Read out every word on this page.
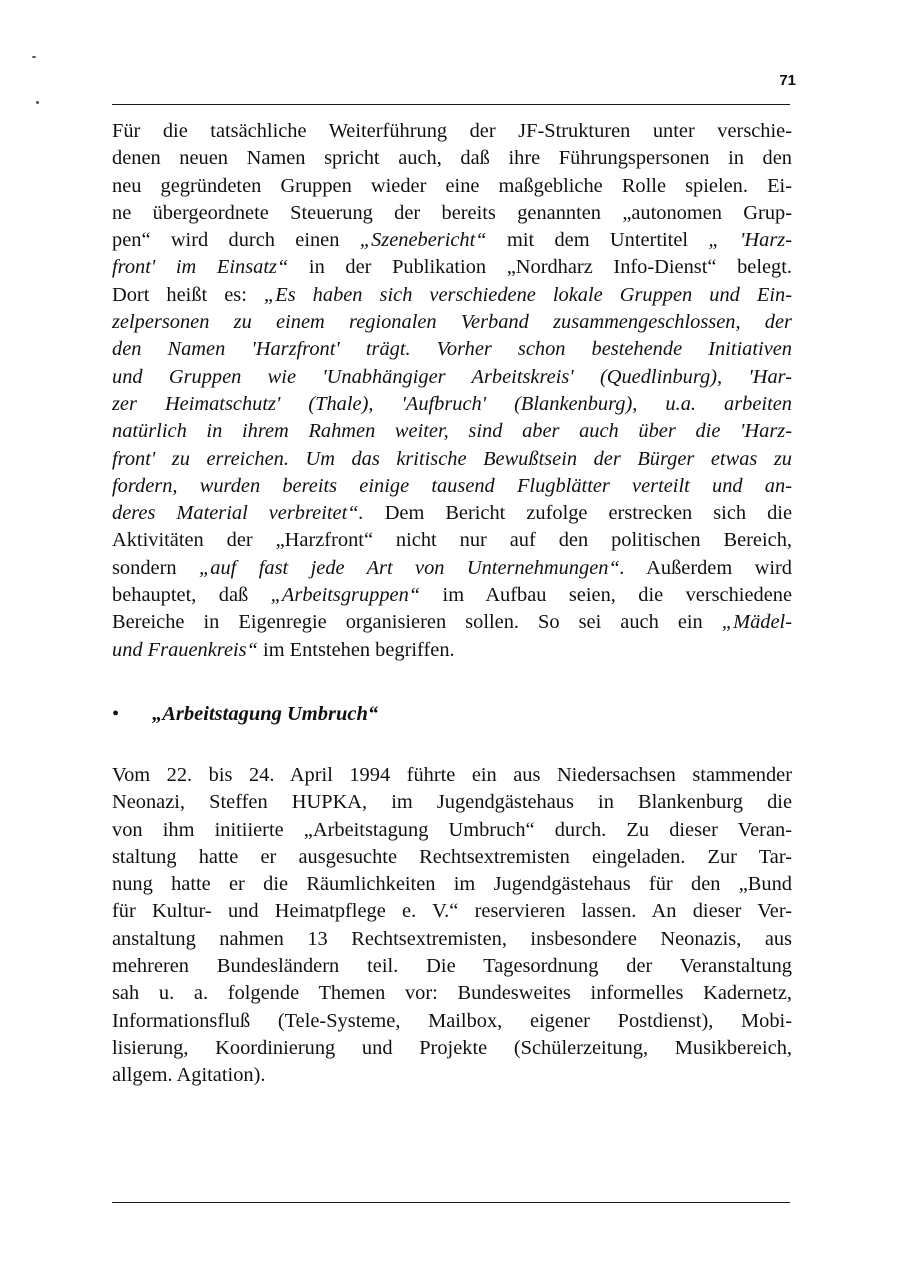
71
Für die tatsächliche Weiterführung der JF-Strukturen unter verschie-
denen neuen Namen spricht auch, daß ihre Führungspersonen in den
neu gegründeten Gruppen wieder eine maßgebliche Rolle spielen. Ei-
ne übergeordnete Steuerung der bereits genannten „autonomen Grup-
pen“ wird durch einen „Szenebericht“ mit dem Untertitel „ 'Harz-
front' im Einsatz“ in der Publikation „Nordharz Info-Dienst“ belegt.
Dort heißt es: „Es haben sich verschiedene lokale Gruppen und Ein-
zelpersonen zu einem regionalen Verband zusammengeschlossen, der
den Namen 'Harzfront' trägt. Vorher schon bestehende Initiativen
und Gruppen wie 'Unabhängiger Arbeitskreis' (Quedlinburg), 'Har-
zer Heimatschutz' (Thale), 'Aufbruch' (Blankenburg), u.a. arbeiten
natürlich in ihrem Rahmen weiter, sind aber auch über die 'Harz-
front' zu erreichen. Um das kritische Bewußtsein der Bürger etwas zu
fordern, wurden bereits einige tausend Flugblätter verteilt und an-
deres Material verbreitet“. Dem Bericht zufolge erstrecken sich die
Aktivitäten der „Harzfront“ nicht nur auf den politischen Bereich,
sondern „auf fast jede Art von Unternehmungen“. Außerdem wird
behauptet, daß „Arbeitsgruppen“ im Aufbau seien, die verschiedene
Bereiche in Eigenregie organisieren sollen. So sei auch ein „Mädel-
und Frauenkreis“ im Entstehen begriffen.
• „Arbeitstagung Umbruch“
Vom 22. bis 24. April 1994 führte ein aus Niedersachsen stammender
Neonazi, Steffen HUPKA, im Jugendgästehaus in Blankenburg die
von ihm initiierte „Arbeitstagung Umbruch“ durch. Zu dieser Veran-
staltung hatte er ausgesuchte Rechtsextremisten eingeladen. Zur Tar-
nung hatte er die Räumlichkeiten im Jugendgästehaus für den „Bund
für Kultur- und Heimatpflege e. V.“ reservieren lassen. An dieser Ver-
anstaltung nahmen 13 Rechtsextremisten, insbesondere Neonazis, aus
mehreren Bundesländern teil. Die Tagesordnung der Veranstaltung
sah u. a. folgende Themen vor: Bundesweites informelles Kadernetz,
Informationsfluß (Tele-Systeme, Mailbox, eigener Postdienst), Mobi-
lisierung, Koordinierung und Projekte (Schülerzeitung, Musikbereich,
allgem. Agitation).
